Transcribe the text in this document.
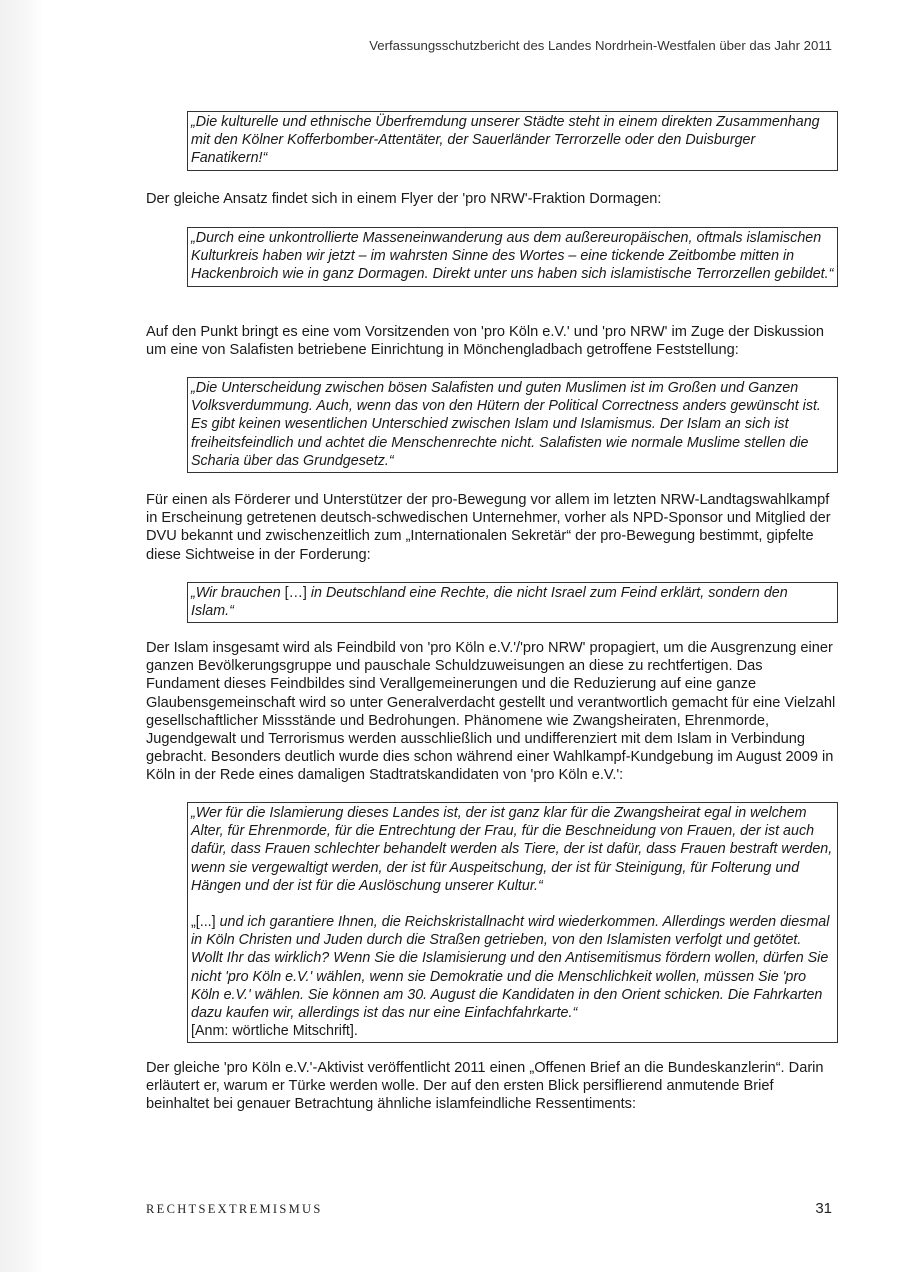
Verfassungsschutzbericht des Landes Nordrhein-Westfalen über das Jahr 2011

„Die kulturelle und ethnische Überfremdung unserer Städte steht in einem direkten Zusammenhang mit den Kölner Kofferbomber-Attentäter, der Sauerländer Terrorzelle oder den Duisburger Fanatikern!“

Der gleiche Ansatz findet sich in einem Flyer der 'pro NRW'-Fraktion Dormagen:

„Durch eine unkontrollierte Masseneinwanderung aus dem außereuropäischen, oftmals islamischen Kulturkreis haben wir jetzt – im wahrsten Sinne des Wortes – eine tickende Zeitbombe mitten in Hackenbroich wie in ganz Dormagen. Direkt unter uns haben sich islamistische Terrorzellen gebildet.“

Auf den Punkt bringt es eine vom Vorsitzenden von 'pro Köln e.V.' und 'pro NRW' im Zuge der Diskussion um eine von Salafisten betriebene Einrichtung in Mönchengladbach getroffene Feststellung:

„Die Unterscheidung zwischen bösen Salafisten und guten Muslimen ist im Großen und Ganzen Volksverdummung. Auch, wenn das von den Hütern der Political Correctness anders gewünscht ist. Es gibt keinen wesentlichen Unterschied zwischen Islam und Islamismus. Der Islam an sich ist freiheitsfeindlich und achtet die Menschenrechte nicht. Salafisten wie normale Muslime stellen die Scharia über das Grundgesetz.“

Für einen als Förderer und Unterstützer der pro-Bewegung vor allem im letzten NRW-Landtagswahlkampf in Erscheinung getretenen deutsch-schwedischen Unternehmer, vorher als NPD-Sponsor und Mitglied der DVU bekannt und zwischenzeitlich zum „Internationalen Sekretär“ der pro-Bewegung bestimmt, gipfelte diese Sichtweise in der Forderung:

„Wir brauchen […] in Deutschland eine Rechte, die nicht Israel zum Feind erklärt, sondern den Islam.“

Der Islam insgesamt wird als Feindbild von 'pro Köln e.V.'/'pro NRW' propagiert, um die Ausgrenzung einer ganzen Bevölkerungsgruppe und pauschale Schuldzuweisungen an diese zu rechtfertigen. Das Fundament dieses Feindbildes sind Verallgemeinerungen und die Reduzierung auf eine ganze Glaubensgemeinschaft wird so unter Generalverdacht gestellt und verantwortlich gemacht für eine Vielzahl gesellschaftlicher Missstände und Bedrohungen. Phänomene wie Zwangsheiraten, Ehrenmorde, Jugendgewalt und Terrorismus werden ausschließlich und undifferenziert mit dem Islam in Verbindung gebracht. Besonders deutlich wurde dies schon während einer Wahlkampf-Kundgebung im August 2009 in Köln in der Rede eines damaligen Stadtratskandidaten von 'pro Köln e.V.':

„Wer für die Islamierung dieses Landes ist, der ist ganz klar für die Zwangsheirat egal in welchem Alter, für Ehrenmorde, für die Entrechtung der Frau, für die Beschneidung von Frauen, der ist auch dafür, dass Frauen schlechter behandelt werden als Tiere, der ist dafür, dass Frauen bestraft werden, wenn sie vergewaltigt werden, der ist für Auspeitschung, der ist für Steinigung, für Folterung und Hängen und der ist für die Auslöschung unserer Kultur.“

„[...] und ich garantiere Ihnen, die Reichskristallnacht wird wiederkommen. Allerdings werden diesmal in Köln Christen und Juden durch die Straßen getrieben, von den Islamisten verfolgt und getötet. Wollt Ihr das wirklich? Wenn Sie die Islamisierung und den Antisemitismus fördern wollen, dürfen Sie nicht 'pro Köln e.V.' wählen, wenn sie Demokratie und die Menschlichkeit wollen, müssen Sie 'pro Köln e.V.' wählen. Sie können am 30. August die Kandidaten in den Orient schicken. Die Fahrkarten dazu kaufen wir, allerdings ist das nur eine Einfachfahrkarte.“

[Anm: wörtliche Mitschrift].

Der gleiche 'pro Köln e.V.'-Aktivist veröffentlicht 2011 einen „Offenen Brief an die Bundeskanzlerin“. Darin erläutert er, warum er Türke werden wolle. Der auf den ersten Blick persiflierend anmutende Brief beinhaltet bei genauer Betrachtung ähnliche islamfeindliche Ressentiments:

RECHTSEXTREMISMUS	31
